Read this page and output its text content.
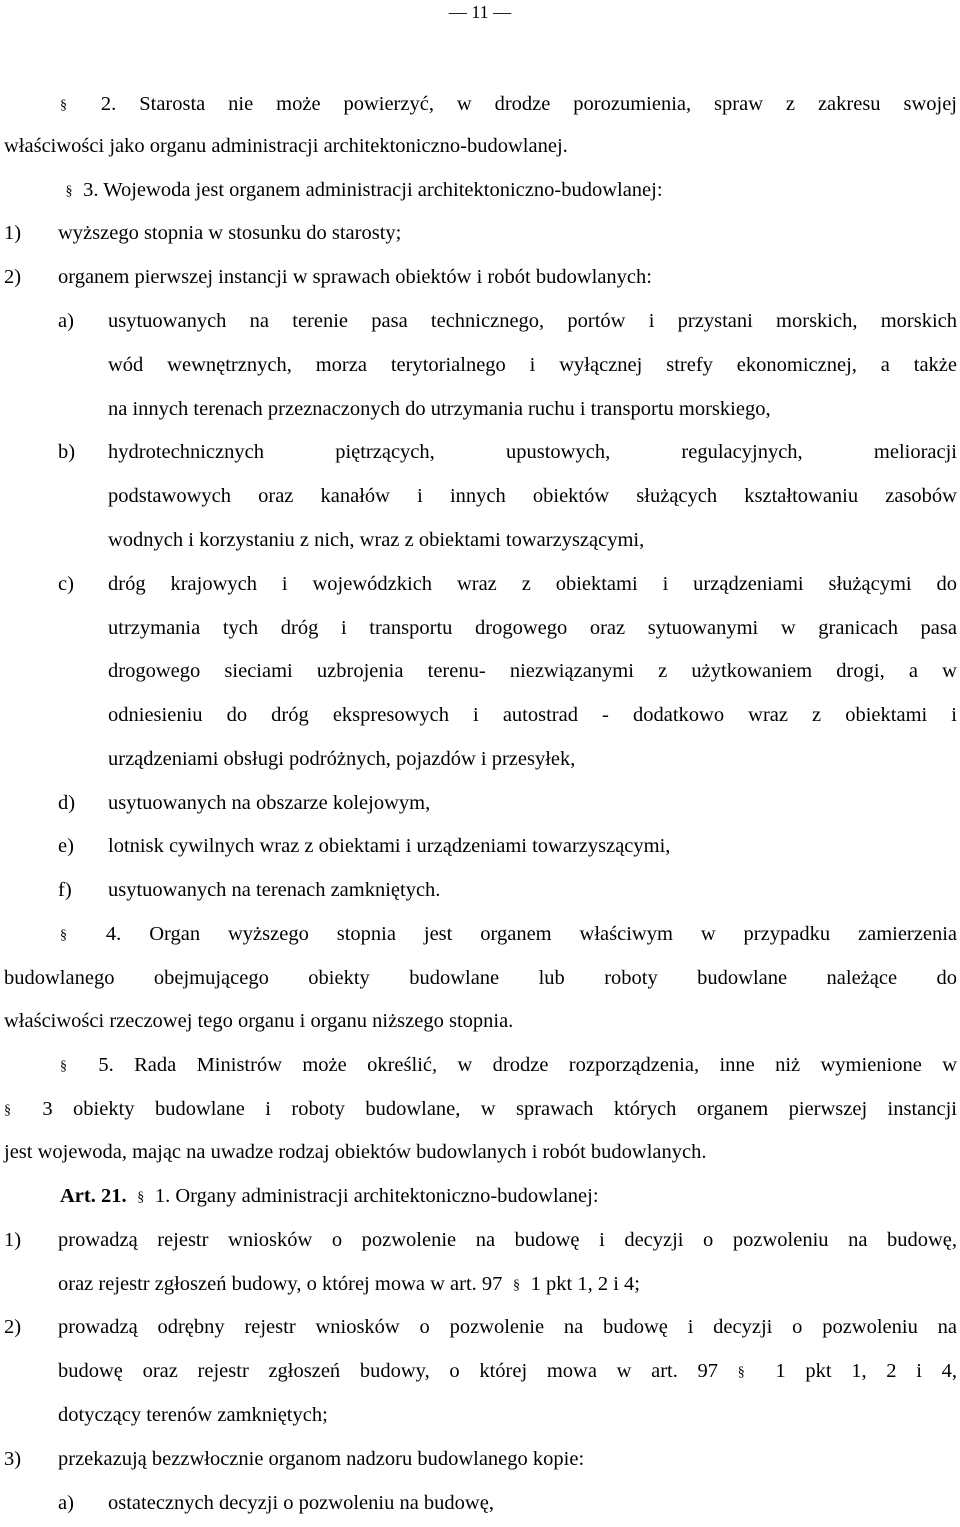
— 11 —
§ 2. Starosta nie może powierzyć, w drodze porozumienia, spraw z zakresu swojej
właściwości jako organu administracji architektoniczno-budowlanej.
§ 3. Wojewoda jest organem administracji architektoniczno-budowlanej:
1) wyższego stopnia w stosunku do starosty;
2) organem pierwszej instancji w sprawach obiektów i robót budowlanych:
a) usytuowanych na terenie pasa technicznego, portów i przystani morskich, morskich
wód wewnętrznych, morza terytorialnego i wyłącznej strefy ekonomicznej, a także
na innych terenach przeznaczonych do utrzymania ruchu i transportu morskiego,
b) hydrotechnicznych piętrzących, upustowych, regulacyjnych, melioracji
podstawowych oraz kanałów i innych obiektów służących kształtowaniu zasobów
wodnych i korzystaniu z nich, wraz z obiektami towarzyszącymi,
c) dróg krajowych i wojewódzkich wraz z obiektami i urządzeniami służącymi do
utrzymania tych dróg i transportu drogowego oraz sytuowanymi w granicach pasa
drogowego sieciami uzbrojenia terenu- niezwiązanymi z użytkowaniem drogi, a w
odniesieniu do dróg ekspresowych i autostrad - dodatkowo wraz z obiektami i
urządzeniami obsługi podróżnych, pojazdów i przesyłek,
d) usytuowanych na obszarze kolejowym,
e) lotnisk cywilnych wraz z obiektami i urządzeniami towarzyszącymi,
f) usytuowanych na terenach zamkniętych.
§ 4. Organ wyższego stopnia jest organem właściwym w przypadku zamierzenia
budowlanego obejmującego obiekty budowlane lub roboty budowlane należące do
właściwości rzeczowej tego organu i organu niższego stopnia.
§ 5. Rada Ministrów może określić, w drodze rozporządzenia, inne niż wymienione w
§ 3 obiekty budowlane i roboty budowlane, w sprawach których organem pierwszej instancji
jest wojewoda, mając na uwadze rodzaj obiektów budowlanych i robót budowlanych.
Art. 21. § 1. Organy administracji architektoniczno-budowlanej:
1) prowadzą rejestr wniosków o pozwolenie na budowę i decyzji o pozwoleniu na budowę,
oraz rejestr zgłoszeń budowy, o której mowa w art. 97 § 1 pkt 1, 2 i 4;
2) prowadzą odrębny rejestr wniosków o pozwolenie na budowę i decyzji o pozwoleniu na
budowę oraz rejestr zgłoszeń budowy, o której mowa w art. 97 § 1 pkt 1, 2 i 4,
dotyczący terenów zamkniętych;
3) przekazują bezzwłocznie organom nadzoru budowlanego kopie:
a) ostatecznych decyzji o pozwoleniu na budowę,
